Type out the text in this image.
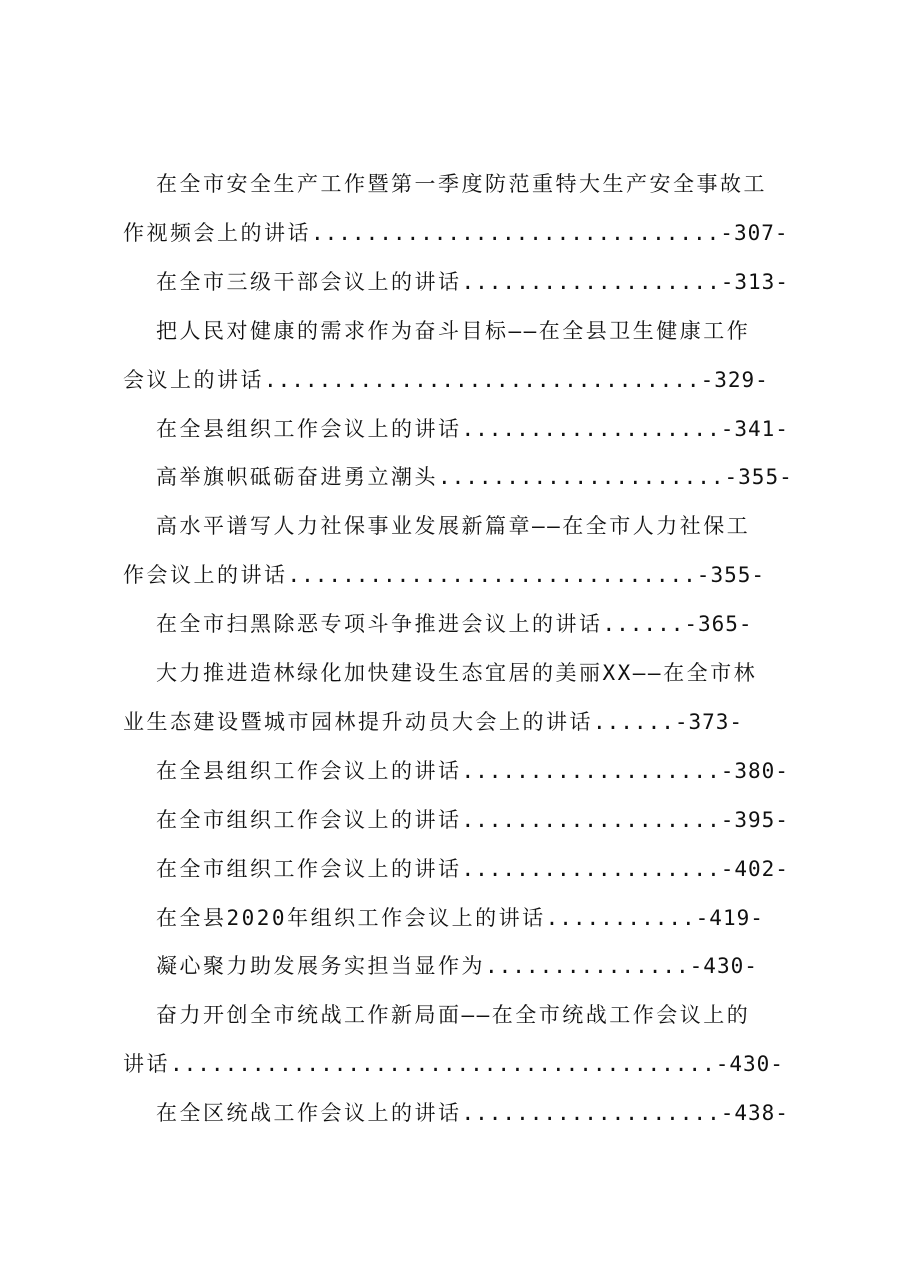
在全市安全生产工作暨第一季度防范重特大生产安全事故工
作视频会上的讲话..............................-307-
在全市三级干部会议上的讲话...................-313-
把人民对健康的需求作为奋斗目标——在全县卫生健康工作
会议上的讲话................................-329-
在全县组织工作会议上的讲话...................-341-
高举旗帜砥砺奋进勇立潮头.....................-355-
高水平谱写人力社保事业发展新篇章——在全市人力社保工
作会议上的讲话..............................-355-
在全市扫黑除恶专项斗争推进会议上的讲话......-365-
大力推进造林绿化加快建设生态宜居的美丽XX——在全市林
业生态建设暨城市园林提升动员大会上的讲话......-373-
在全县组织工作会议上的讲话...................-380-
在全市组织工作会议上的讲话...................-395-
在全市组织工作会议上的讲话...................-402-
在全县2020年组织工作会议上的讲话...........-419-
凝心聚力助发展务实担当显作为...............-430-
奋力开创全市统战工作新局面——在全市统战工作会议上的
讲话........................................-430-
在全区统战工作会议上的讲话...................-438-
